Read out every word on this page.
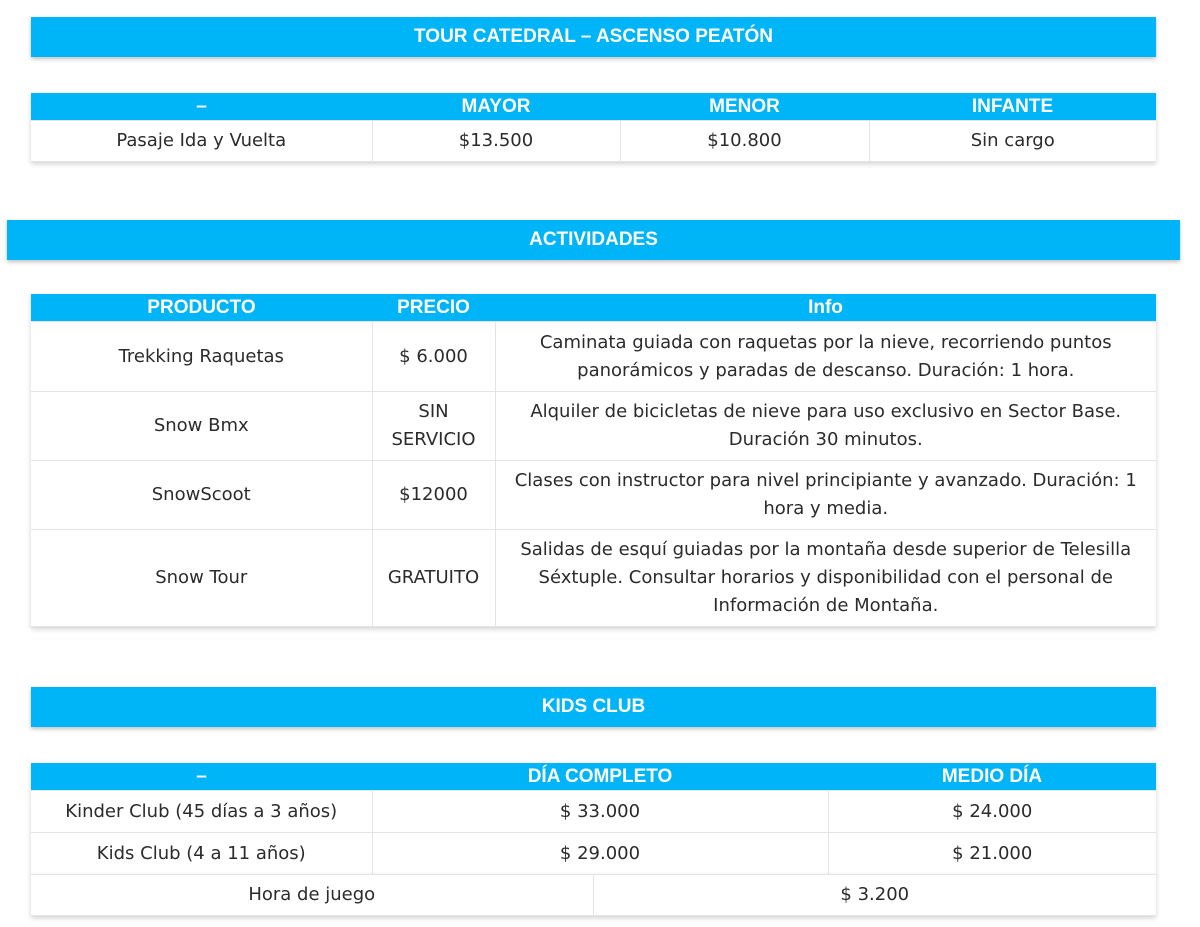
TOUR CATEDRAL – ASCENSO PEATÓN
–	MAYOR	MENOR	INFANTE
Pasaje Ida y Vuelta	$13.500	$10.800	Sin cargo
ACTIVIDADES
PRODUCTO	PRECIO	Info
Trekking Raquetas	$ 6.000	Caminata guiada con raquetas por la nieve, recorriendo puntos panorámicos y paradas de descanso. Duración: 1 hora.
Snow Bmx	SIN SERVICIO	Alquiler de bicicletas de nieve para uso exclusivo en Sector Base. Duración 30 minutos.
SnowScoot	$12000	Clases con instructor para nivel principiante y avanzado. Duración: 1 hora y media.
Snow Tour	GRATUITO	Salidas de esquí guiadas por la montaña desde superior de Telesilla Séxtuple. Consultar horarios y disponibilidad con el personal de Información de Montaña.
KIDS CLUB
–	DÍA COMPLETO	MEDIO DÍA
Kinder Club (45 días a 3 años)	$ 33.000	$ 24.000
Kids Club (4 a 11 años)	$ 29.000	$ 21.000
Hora de juego	$ 3.200
